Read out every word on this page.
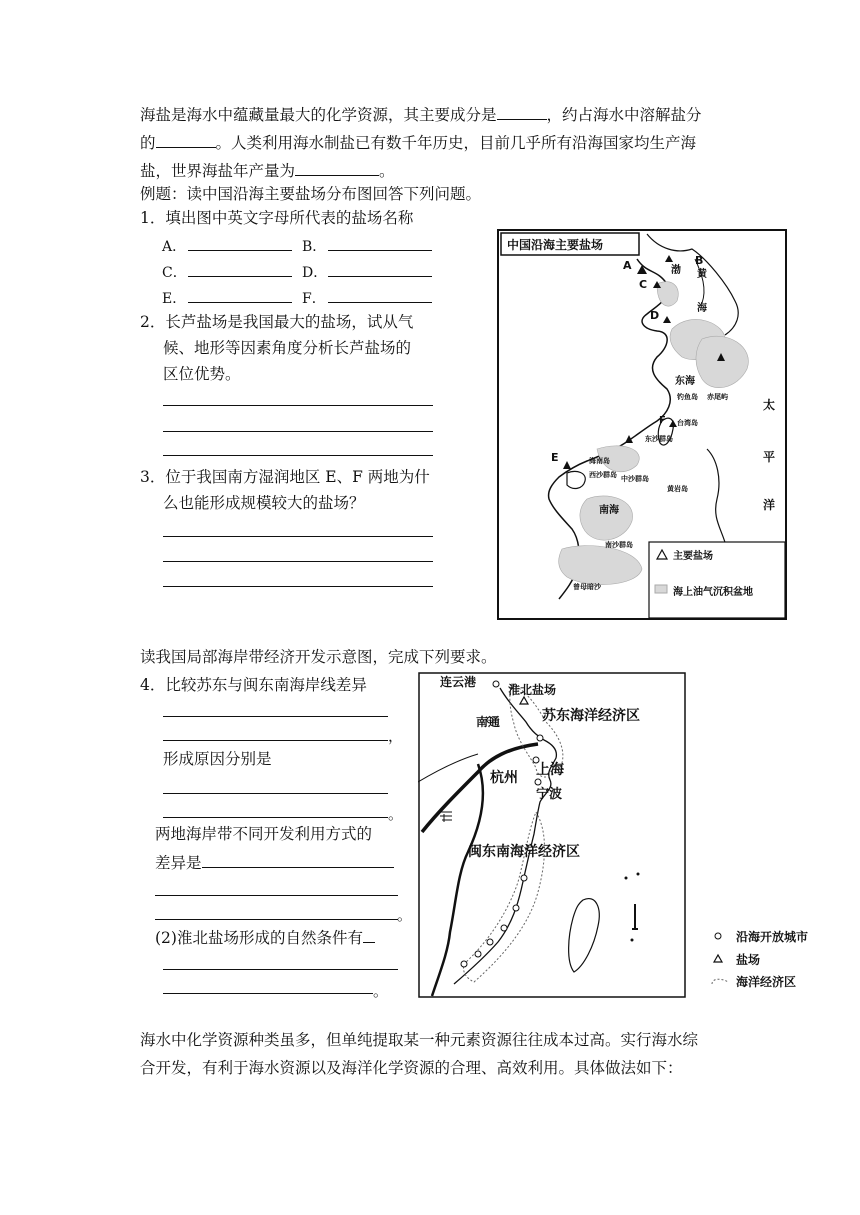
海盐是海水中蕴藏量最大的化学资源，其主要成分是	，约占海水中溶解盐分
的	。人类利用海水制盐已有数千年历史，目前几乎所有沿海国家均生产海
盐，世界海盐年产量为	。
例题：读中国沿海主要盐场分布图回答下列问题。
1．填出图中英文字母所代表的盐场名称
A．	B．
C．	D．
E．	F．
2．长芦盐场是我国最大的盐场，试从气
候、地形等因素角度分析长芦盐场的
区位优势。
3．位于我国南方湿润地区 E、F 两地为什
么也能形成规模较大的盐场？
中国沿海主要盐场
A	B
C
D
E
F
渤 黄
海
东海
南海
太
平
洋
钓鱼岛 赤尾屿
台湾岛
东沙群岛
海南岛
西沙群岛 中沙群岛
黄岩岛
南沙群岛
曾母暗沙
主要盐场
海上油气沉积盆地
读我国局部海岸带经济开发示意图，完成下列要求。
4．比较苏东与闽东南海岸线差异
，
形成原因分别是
。
两地海岸带不同开发利用方式的
差异是
。
(2)淮北盐场形成的自然条件有
。
连云港
淮北盐场
南通	苏东海洋经济区
上海
杭州
宁波
闽东南海洋经济区
沿海开放城市
盐场
海洋经济区
海水中化学资源种类虽多，但单纯提取某一种元素资源往往成本过高。实行海水综
合开发，有利于海水资源以及海洋化学资源的合理、高效利用。具体做法如下：
